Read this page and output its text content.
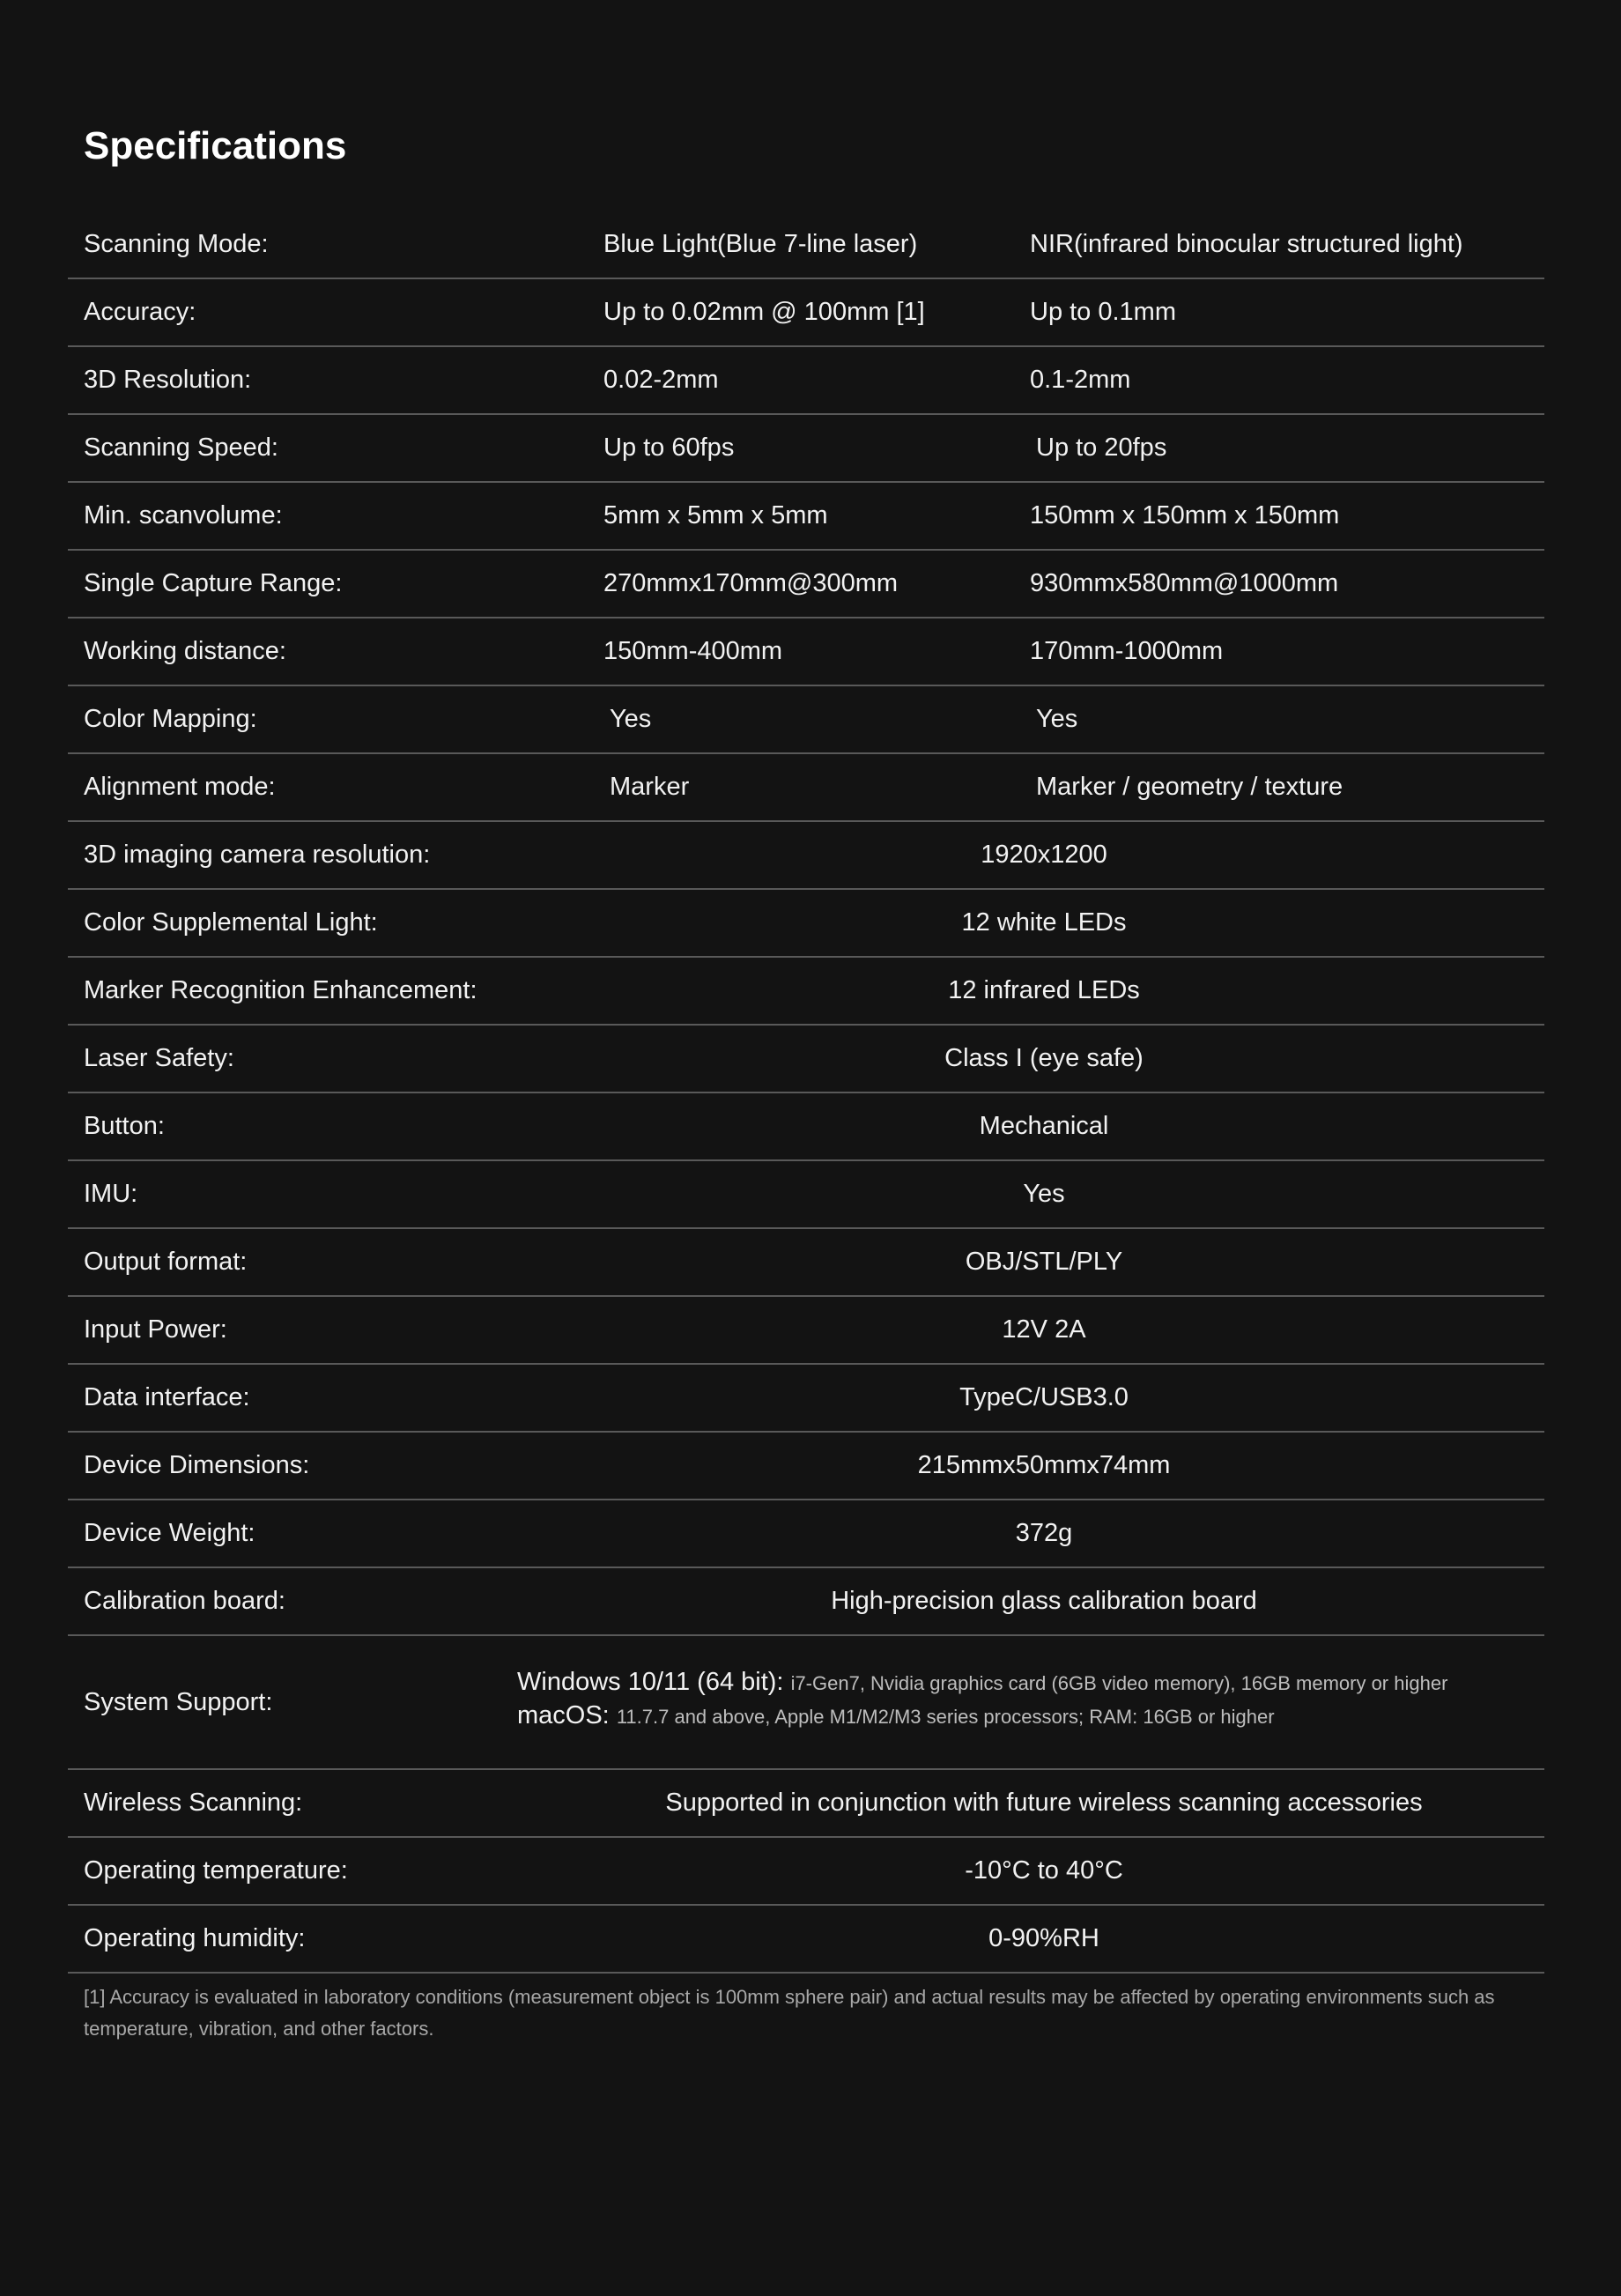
Specifications
Scanning Mode:	Blue Light(Blue 7-line laser)	NIR(infrared binocular structured light)
Accuracy:	Up to 0.02mm @ 100mm [1]	Up to 0.1mm
3D Resolution:	0.02-2mm	0.1-2mm
Scanning Speed:	Up to 60fps	Up to 20fps
Min. scanvolume:	5mm x 5mm x 5mm	150mm x 150mm x 150mm
Single Capture Range:	270mmx170mm@300mm	930mmx580mm@1000mm
Working distance:	150mm-400mm	170mm-1000mm
Color Mapping:	Yes	Yes
Alignment mode:	Marker	Marker / geometry / texture
3D imaging camera resolution:	1920x1200
Color Supplemental Light:	12 white LEDs
Marker Recognition Enhancement:	12 infrared LEDs
Laser Safety:	Class I (eye safe)
Button:	Mechanical
IMU:	Yes
Output format:	OBJ/STL/PLY
Input Power:	12V 2A
Data interface:	TypeC/USB3.0
Device Dimensions:	215mmx50mmx74mm
Device Weight:	372g
Calibration board:	High-precision glass calibration board
System Support:
Windows 10/11 (64 bit): i7-Gen7, Nvidia graphics card (6GB video memory), 16GB memory or higher
macOS: 11.7.7 and above, Apple M1/M2/M3 series processors; RAM: 16GB or higher
Wireless Scanning:	Supported in conjunction with future wireless scanning accessories
Operating temperature:	-10°C to 40°C
Operating humidity:	0-90%RH

[1] Accuracy is evaluated in laboratory conditions (measurement object is 100mm sphere pair) and actual results may be affected by operating environments such as temperature, vibration, and other factors.
